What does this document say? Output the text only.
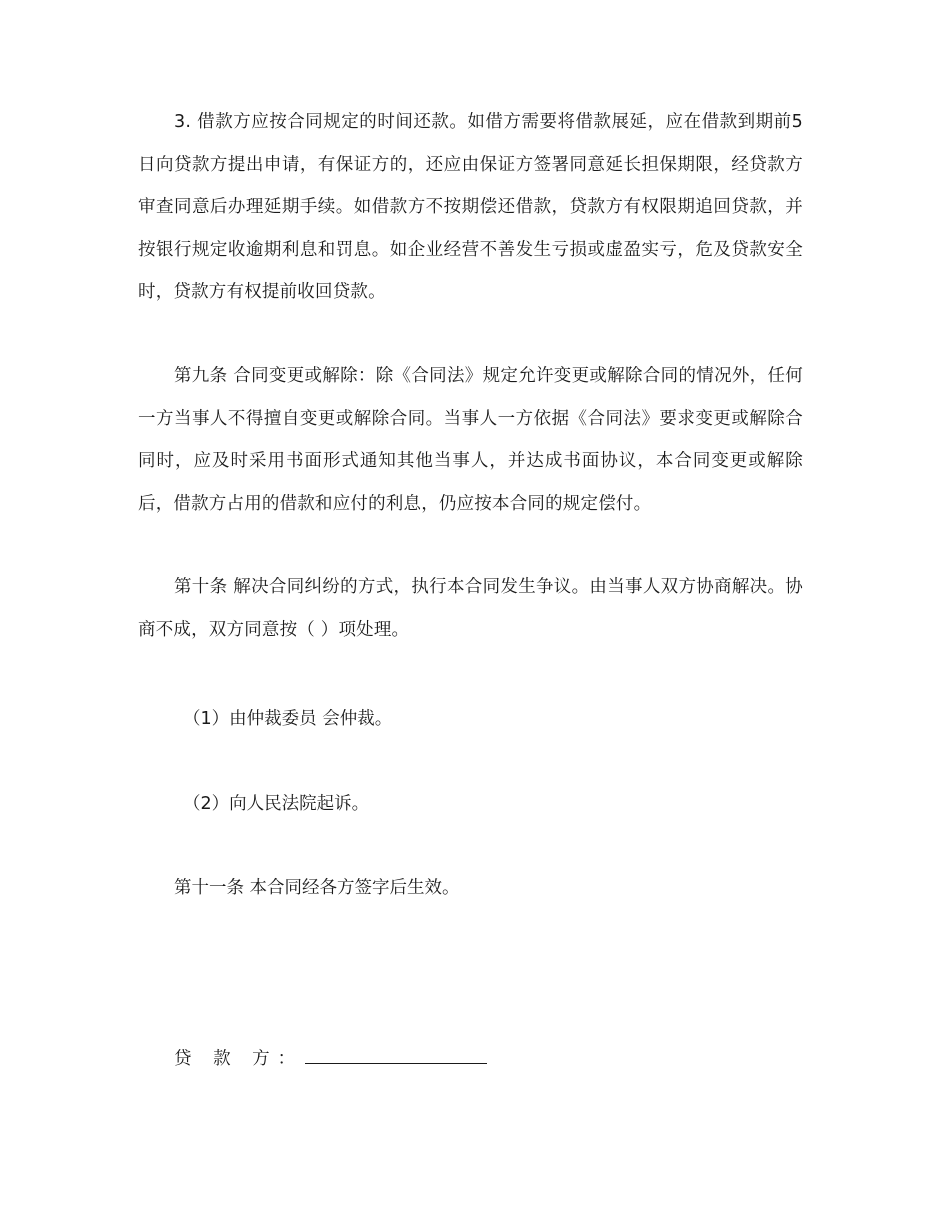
3. 借款方应按合同规定的时间还款。如借方需要将借款展延，应在借款到期前5日向贷款方提出申请，有保证方的，还应由保证方签署同意延长担保期限，经贷款方审查同意后办理延期手续。如借款方不按期偿还借款，贷款方有权限期追回贷款，并按银行规定收逾期利息和罚息。如企业经营不善发生亏损或虚盈实亏，危及贷款安全时，贷款方有权提前收回贷款。

第九条 合同变更或解除：除《合同法》规定允许变更或解除合同的情况外，任何一方当事人不得擅自变更或解除合同。当事人一方依据《合同法》要求变更或解除合同时，应及时采用书面形式通知其他当事人，并达成书面协议，本合同变更或解除后，借款方占用的借款和应付的利息，仍应按本合同的规定偿付。

第十条 解决合同纠纷的方式，执行本合同发生争议。由当事人双方协商解决。协商不成，双方同意按（ ）项处理。

（1）由仲裁委员 会仲裁。

（2）向人民法院起诉。

第十一条 本合同经各方签字后生效。

贷 款 方：
